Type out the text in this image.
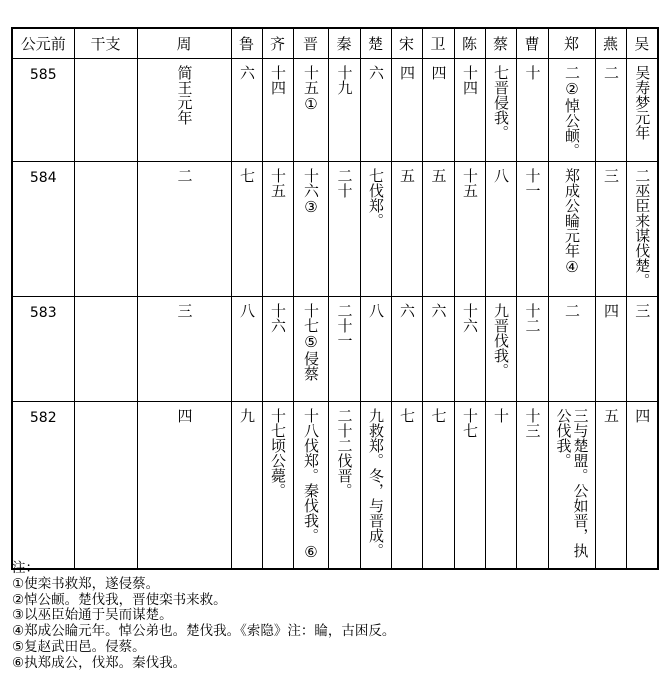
公元前	干支	周	鲁	齐	晋	秦	楚	宋	卫	陈	蔡	曹	郑	燕	吴
585		简王元年	六	十四	十五①	十九	六	四	四	十四	七晋侵我。	十	二②悼公𬱖。	二	吴寿梦元年

584		二	七	十五	十六③	二十	七伐郑。	五	五	十五	八	十一	郑成公睔元年④	三	二巫臣来谋伐楚。

583		三	八	十六	十七⑤侵蔡	二十一	八	六	六	十六	九晋伐我。	十二	二	四	三

582		四	九	十七顷公薨。	十八伐郑。秦伐我。⑥	二十二伐晋。	九救郑。冬，与晋成。	七	七	十七	十	十三	三与楚盟。公如晋，执公伐我。	五	四
注：
①使栾书救郑，遂侵蔡。
②悼公𬱖。楚伐我，晋使栾书来救。
③以巫臣始通于吴而谋楚。
④郑成公睔元年。悼公弟也。楚伐我。《索隐》注：睔，古困反。
⑤复赵武田邑。侵蔡。
⑥执郑成公，伐郑。秦伐我。
